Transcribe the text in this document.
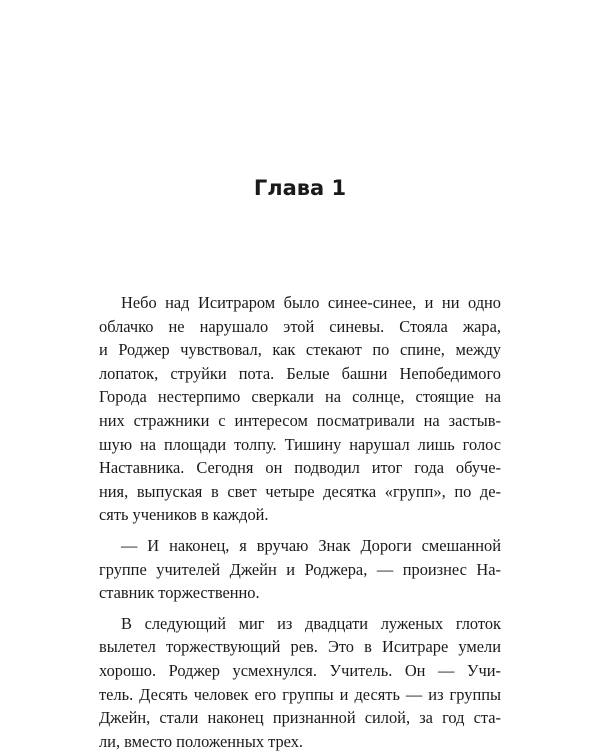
Глава 1

Небо над Иситраром было синее-синее, и ни одно
облачко не нарушало этой синевы. Стояла жара,
и Роджер чувствовал, как стекают по спине, между
лопаток, струйки пота. Белые башни Непобедимого
Города нестерпимо сверкали на солнце, стоящие на
них стражники с интересом посматривали на застыв-
шую на площади толпу. Тишину нарушал лишь голос
Наставника. Сегодня он подводил итог года обуче-
ния, выпуская в свет четыре десятка «групп», по де-
сять учеников в каждой.

— И наконец, я вручаю Знак Дороги смешанной
группе учителей Джейн и Роджера, — произнес На-
ставник торжественно.

В следующий миг из двадцати луженых глоток
вылетел торжествующий рев. Это в Иситраре умели
хорошо. Роджер усмехнулся. Учитель. Он — Учи-
тель. Десять человек его группы и десять — из группы
Джейн, стали наконец признанной силой, за год ста-
ли, вместо положенных трех.
